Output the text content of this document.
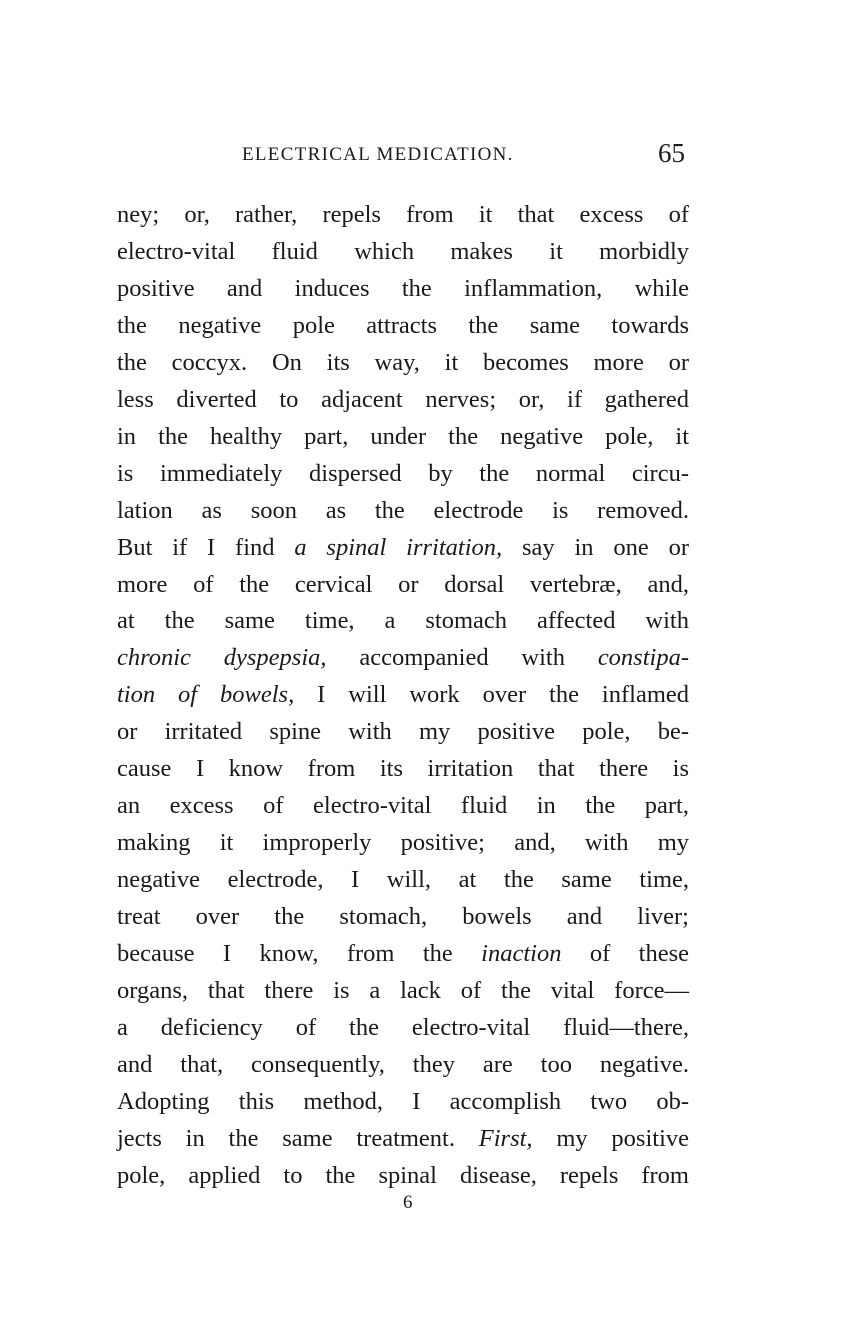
ELECTRICAL MEDICATION.	65
ney; or, rather, repels from it that excess of
electro-vital fluid which makes it morbidly
positive and induces the inflammation, while
the negative pole attracts the same towards
the coccyx. On its way, it becomes more or
less diverted to adjacent nerves; or, if gathered
in the healthy part, under the negative pole, it
is immediately dispersed by the normal circu-
lation as soon as the electrode is removed.
But if I find a spinal irritation, say in one or
more of the cervical or dorsal vertebræ, and,
at the same time, a stomach affected with
chronic dyspepsia, accompanied with constipa-
tion of bowels, I will work over the inflamed
or irritated spine with my positive pole, be-
cause I know from its irritation that there is
an excess of electro-vital fluid in the part,
making it improperly positive; and, with my
negative electrode, I will, at the same time,
treat over the stomach, bowels and liver;
because I know, from the inaction of these
organs, that there is a lack of the vital force—
a deficiency of the electro-vital fluid—there,
and that, consequently, they are too negative.
Adopting this method, I accomplish two ob-
jects in the same treatment. First, my positive
pole, applied to the spinal disease, repels from
6
